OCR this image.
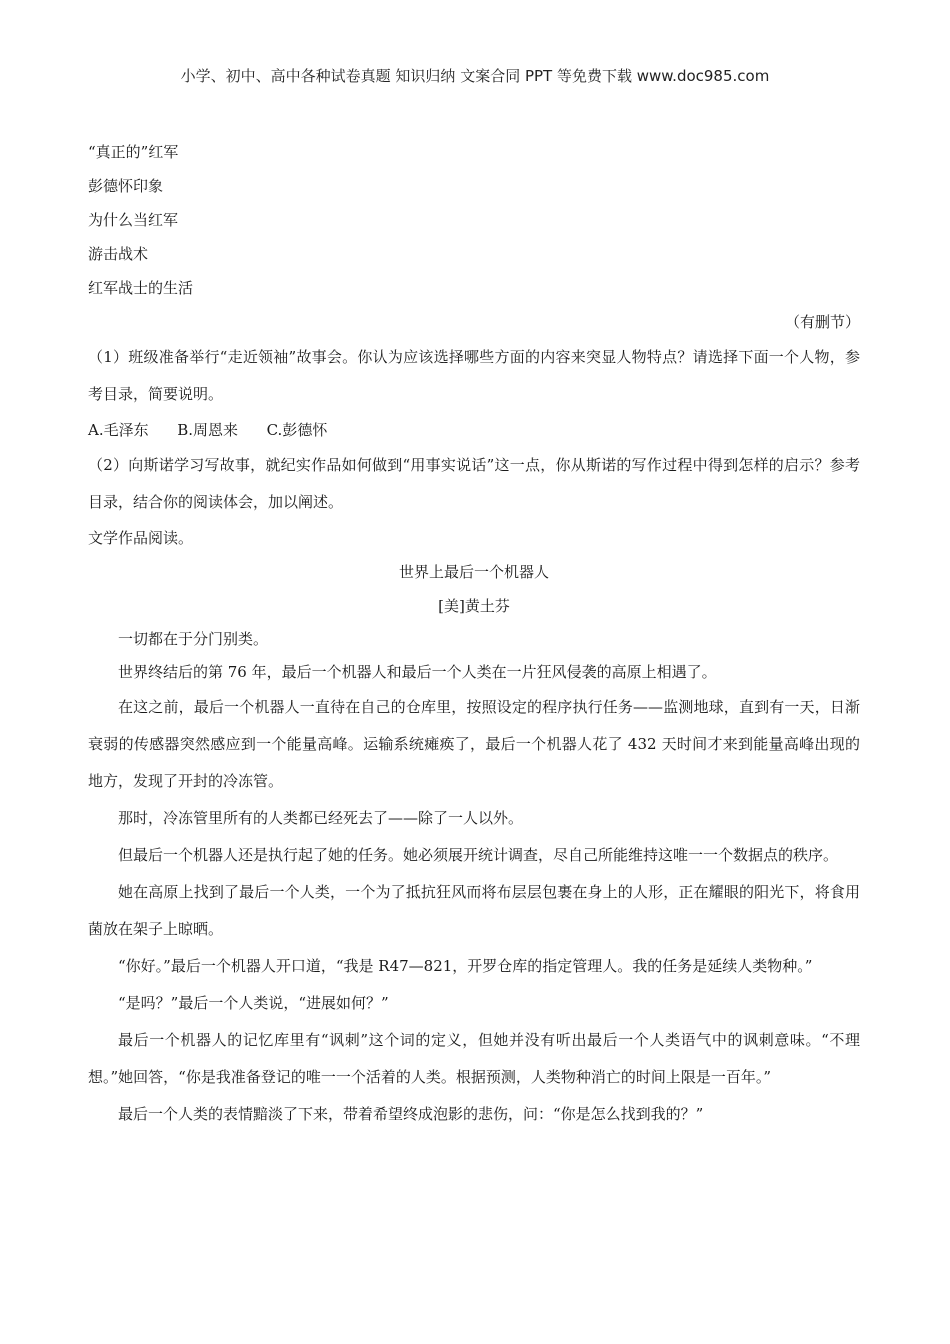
小学、初中、高中各种试卷真题 知识归纳 文案合同 PPT 等免费下载 www.doc985.com
“真正的”红军
彭德怀印象
为什么当红军
游击战术
红军战士的生活
（有删节）
（1）班级准备举行“走近领袖”故事会。你认为应该选择哪些方面的内容来突显人物特点？请选择下面一个人物，参考目录，简要说明。
A.毛泽东      B.周恩来      C.彭德怀
（2）向斯诺学习写故事，就纪实作品如何做到“用事实说话”这一点，你从斯诺的写作过程中得到怎样的启示？参考目录，结合你的阅读体会，加以阐述。
文学作品阅读。
世界上最后一个机器人
[美]黄土芬
一切都在于分门别类。
世界终结后的第 76 年，最后一个机器人和最后一个人类在一片狂风侵袭的高原上相遇了。
在这之前，最后一个机器人一直待在自己的仓库里，按照设定的程序执行任务——监测地球，直到有一天，日渐衰弱的传感器突然感应到一个能量高峰。运输系统瘫痪了，最后一个机器人花了 432 天时间才来到能量高峰出现的地方，发现了开封的冷冻管。
那时，冷冻管里所有的人类都已经死去了——除了一人以外。
但最后一个机器人还是执行起了她的任务。她必须展开统计调查，尽自己所能维持这唯一一个数据点的秩序。
她在高原上找到了最后一个人类，一个为了抵抗狂风而将布层层包裹在身上的人形，正在耀眼的阳光下，将食用菌放在架子上晾晒。
“你好。”最后一个机器人开口道，“我是 R47—821，开罗仓库的指定管理人。我的任务是延续人类物种。”
“是吗？”最后一个人类说，“进展如何？”
最后一个机器人的记忆库里有“讽刺”这个词的定义，但她并没有听出最后一个人类语气中的讽刺意味。“不理想。”她回答，“你是我准备登记的唯一一个活着的人类。根据预测，人类物种消亡的时间上限是一百年。”
最后一个人类的表情黯淡了下来，带着希望终成泡影的悲伤，问：“你是怎么找到我的？”
